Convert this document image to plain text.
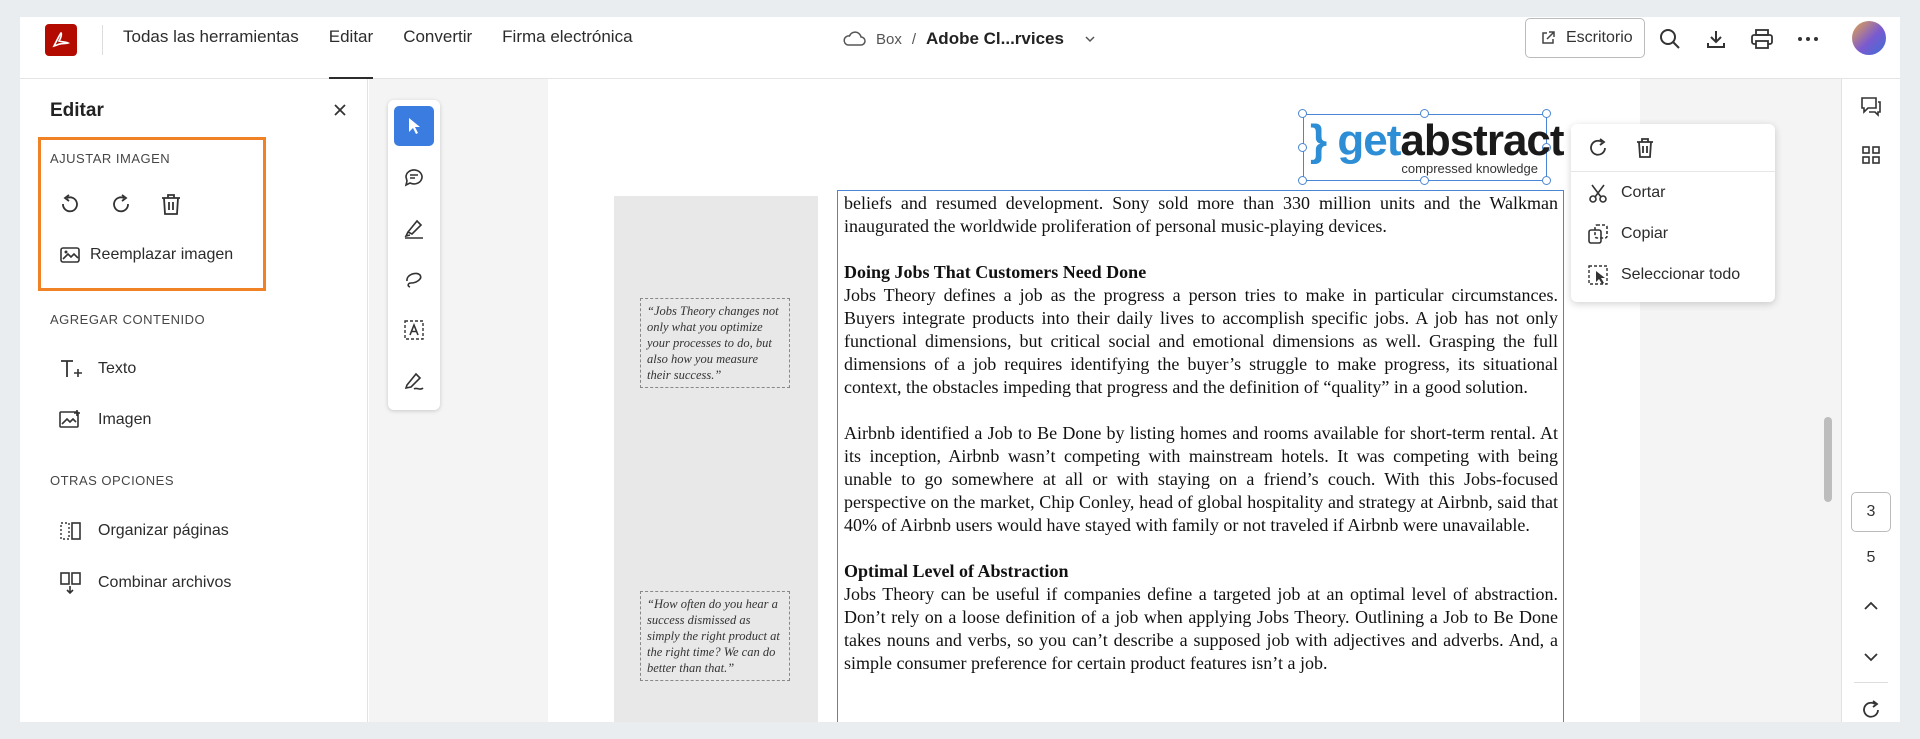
Todas las herramientas	Editar	Convertir	Firma electrónica	Box / Adobe Cl...rvices	Escritorio
“Jobs Theory changes not only what you optimize your processes to do, but also how you measure their success.”
“How often do you hear a success dismissed as simply the right product at the right time? We can do better than that.”
} getabstract
compressed knowledge

beliefs and resumed development. Sony sold more than 330 million units and the Walkman inaugurated the worldwide proliferation of personal music-playing devices.

Doing Jobs That Customers Need Done

Jobs Theory defines a job as the progress a person tries to make in particular circumstances. Buyers integrate products into their daily lives to accomplish specific jobs. A job has not only functional dimensions, but critical social and emotional dimensions as well. Grasping the full dimensions of a job requires identifying the buyer’s struggle to make progress, its situational context, the obstacles impeding that progress and the definition of “quality” in a good solution.

Airbnb identified a Job to Be Done by listing homes and rooms available for short-term rental. At its inception, Airbnb wasn’t competing with mainstream hotels. It was competing with being unable to go somewhere at all or with staying on a friend’s couch. With this Jobs-focused perspective on the market, Chip Conley, head of global hospitality and strategy at Airbnb, said that 40% of Airbnb users would have stayed with family or not traveled if Airbnb were unavailable.

Optimal Level of Abstraction

Jobs Theory can be useful if companies define a targeted job at an optimal level of abstraction. Don’t rely on a loose definition of a job when applying Jobs Theory. Outlining a Job to Be Done takes nouns and verbs, so you can’t describe a supposed job with adjectives and adverbs. And, a simple consumer preference for certain product features isn’t a job.

Cortar
Copiar
Seleccionar todo
Editar
AJUSTAR IMAGEN
Reemplazar imagen
AGREGAR CONTENIDO
Texto
Imagen
OTRAS OPCIONES
Organizar páginas
Combinar archivos
3
5
